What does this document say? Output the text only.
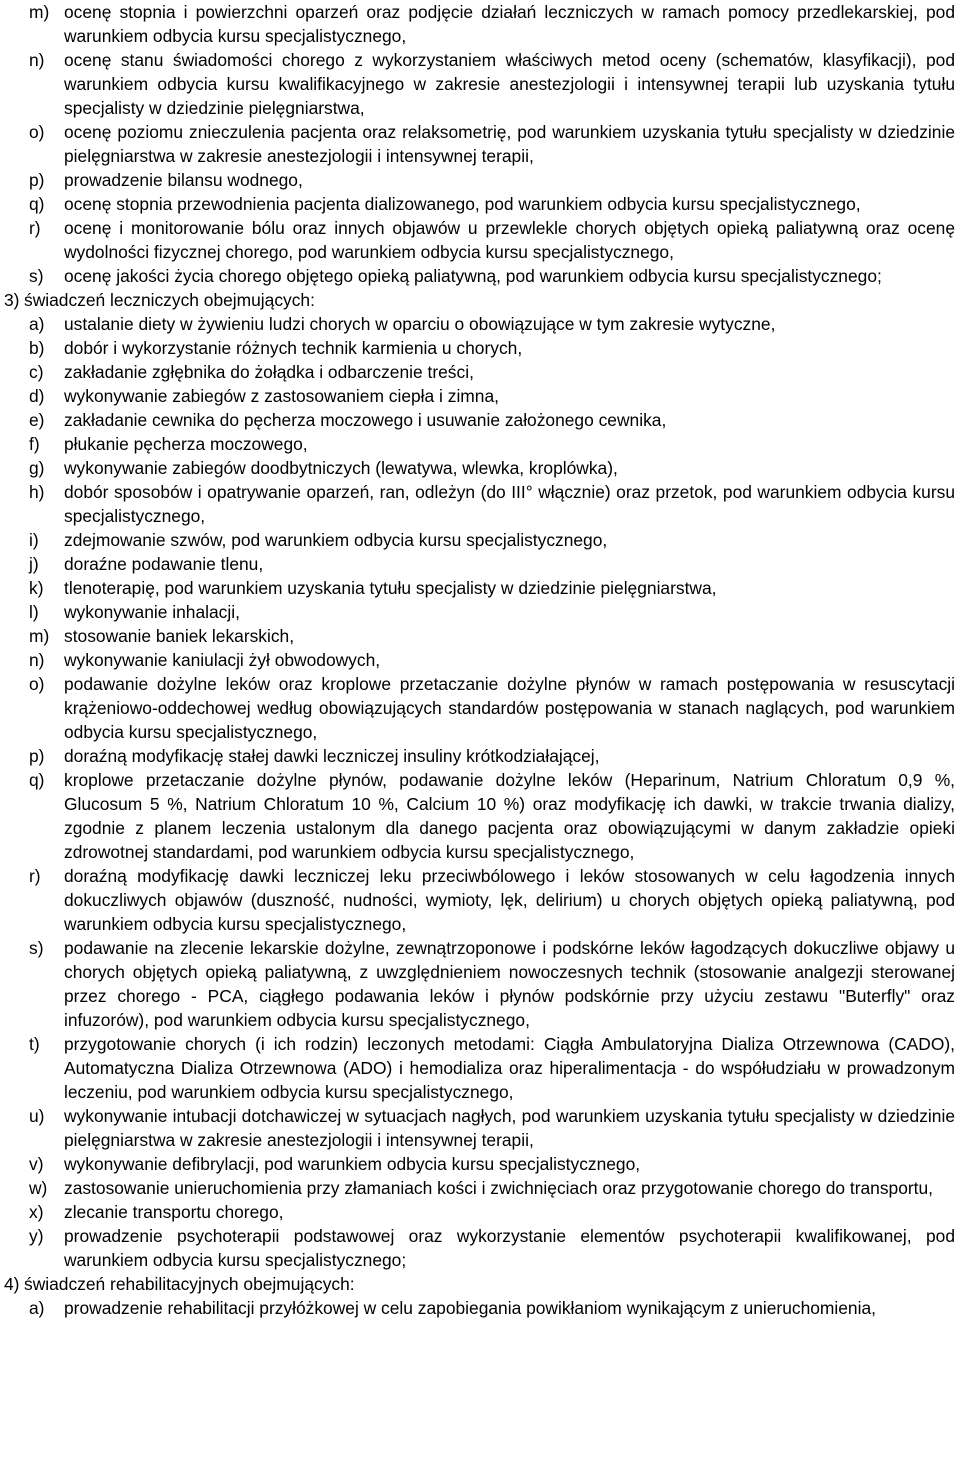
m) ocenę stopnia i powierzchni oparzeń oraz podjęcie działań leczniczych w ramach pomocy przedlekarskiej, pod warunkiem odbycia kursu specjalistycznego,
n)	ocenę stanu świadomości chorego z wykorzystaniem właściwych metod oceny (schematów, klasyfikacji), pod warunkiem odbycia kursu kwalifikacyjnego w zakresie anestezjologii i intensywnej terapii lub uzyskania tytułu specjalisty w dziedzinie pielęgniarstwa,
o)	ocenę poziomu znieczulenia pacjenta oraz relaksometrię, pod warunkiem uzyskania tytułu specjalisty w dziedzinie pielęgniarstwa w zakresie anestezjologii i intensywnej terapii,
p)	prowadzenie bilansu wodnego,
q)	ocenę stopnia przewodnienia pacjenta dializowanego, pod warunkiem odbycia kursu specjalistycznego,
r)	ocenę i monitorowanie bólu oraz innych objawów u przewlekle chorych objętych opieką paliatywną oraz ocenę wydolności fizycznej chorego, pod warunkiem odbycia kursu specjalistycznego,
s)	ocenę jakości życia chorego objętego opieką paliatywną, pod warunkiem odbycia kursu specjalistycznego;
3) świadczeń leczniczych obejmujących:
a)	ustalanie diety w żywieniu ludzi chorych w oparciu o obowiązujące w tym zakresie wytyczne,
b)	dobór i wykorzystanie różnych technik karmienia u chorych,
c)	zakładanie zgłębnika do żołądka i odbarczenie treści,
d)	wykonywanie zabiegów z zastosowaniem ciepła i zimna,
e)	zakładanie cewnika do pęcherza moczowego i usuwanie założonego cewnika,
f)	płukanie pęcherza moczowego,
g)	wykonywanie zabiegów doodbytniczych (lewatywa, wlewka, kroplówka),
h)	dobór sposobów i opatrywanie oparzeń, ran, odleżyn (do III° włącznie) oraz przetok, pod warunkiem odbycia kursu specjalistycznego,
i)	zdejmowanie szwów, pod warunkiem odbycia kursu specjalistycznego,
j)	doraźne podawanie tlenu,
k)	tlenoterapię, pod warunkiem uzyskania tytułu specjalisty w dziedzinie pielęgniarstwa,
l)	wykonywanie inhalacji,
m) stosowanie baniek lekarskich,
n)	wykonywanie kaniulacji żył obwodowych,
o)	podawanie dożylne leków oraz kroplowe przetaczanie dożylne płynów w ramach postępowania w resuscytacji krążeniowo-oddechowej według obowiązujących standardów postępowania w stanach naglących, pod warunkiem odbycia kursu specjalistycznego,
p)	doraźną modyfikację stałej dawki leczniczej insuliny krótkodziałającej,
q)	kroplowe przetaczanie dożylne płynów, podawanie dożylne leków (Heparinum, Natrium Chloratum 0,9 %, Glucosum 5 %, Natrium Chloratum 10 %, Calcium 10 %) oraz modyfikację ich dawki, w trakcie trwania dializy, zgodnie z planem leczenia ustalonym dla danego pacjenta oraz obowiązującymi w danym zakładzie opieki zdrowotnej standardami, pod warunkiem odbycia kursu specjalistycznego,
r)	doraźną modyfikację dawki leczniczej leku przeciwbólowego i leków stosowanych w celu łagodzenia innych dokuczliwych objawów (duszność, nudności, wymioty, lęk, delirium) u chorych objętych opieką paliatywną, pod warunkiem odbycia kursu specjalistycznego,
s)	podawanie na zlecenie lekarskie dożylne, zewnątrzoponowe i podskórne leków łagodzących dokuczliwe objawy u chorych objętych opieką paliatywną, z uwzględnieniem nowoczesnych technik (stosowanie analgezji sterowanej przez chorego - PCA, ciągłego podawania leków i płynów podskórnie przy użyciu zestawu "Buterfly" oraz infuzorów), pod warunkiem odbycia kursu specjalistycznego,
t)	przygotowanie chorych (i ich rodzin) leczonych metodami: Ciągła Ambulatoryjna Dializa Otrzewnowa (CADO), Automatyczna Dializa Otrzewnowa (ADO) i hemodializa oraz hiperalimentacja - do współudziału w prowadzonym leczeniu, pod warunkiem odbycia kursu specjalistycznego,
u)	wykonywanie intubacji dotchawiczej w sytuacjach nagłych, pod warunkiem uzyskania tytułu specjalisty w dziedzinie pielęgniarstwa w zakresie anestezjologii i intensywnej terapii,
v)	wykonywanie defibrylacji, pod warunkiem odbycia kursu specjalistycznego,
w) zastosowanie unieruchomienia przy złamaniach kości i zwichnięciach oraz przygotowanie chorego do transportu,
x)	zlecanie transportu chorego,
y)	prowadzenie psychoterapii podstawowej oraz wykorzystanie elementów psychoterapii kwalifikowanej, pod warunkiem odbycia kursu specjalistycznego;
4) świadczeń rehabilitacyjnych obejmujących:
a)	prowadzenie rehabilitacji przyłóżkowej w celu zapobiegania powikłaniom wynikającym z unieruchomienia,
